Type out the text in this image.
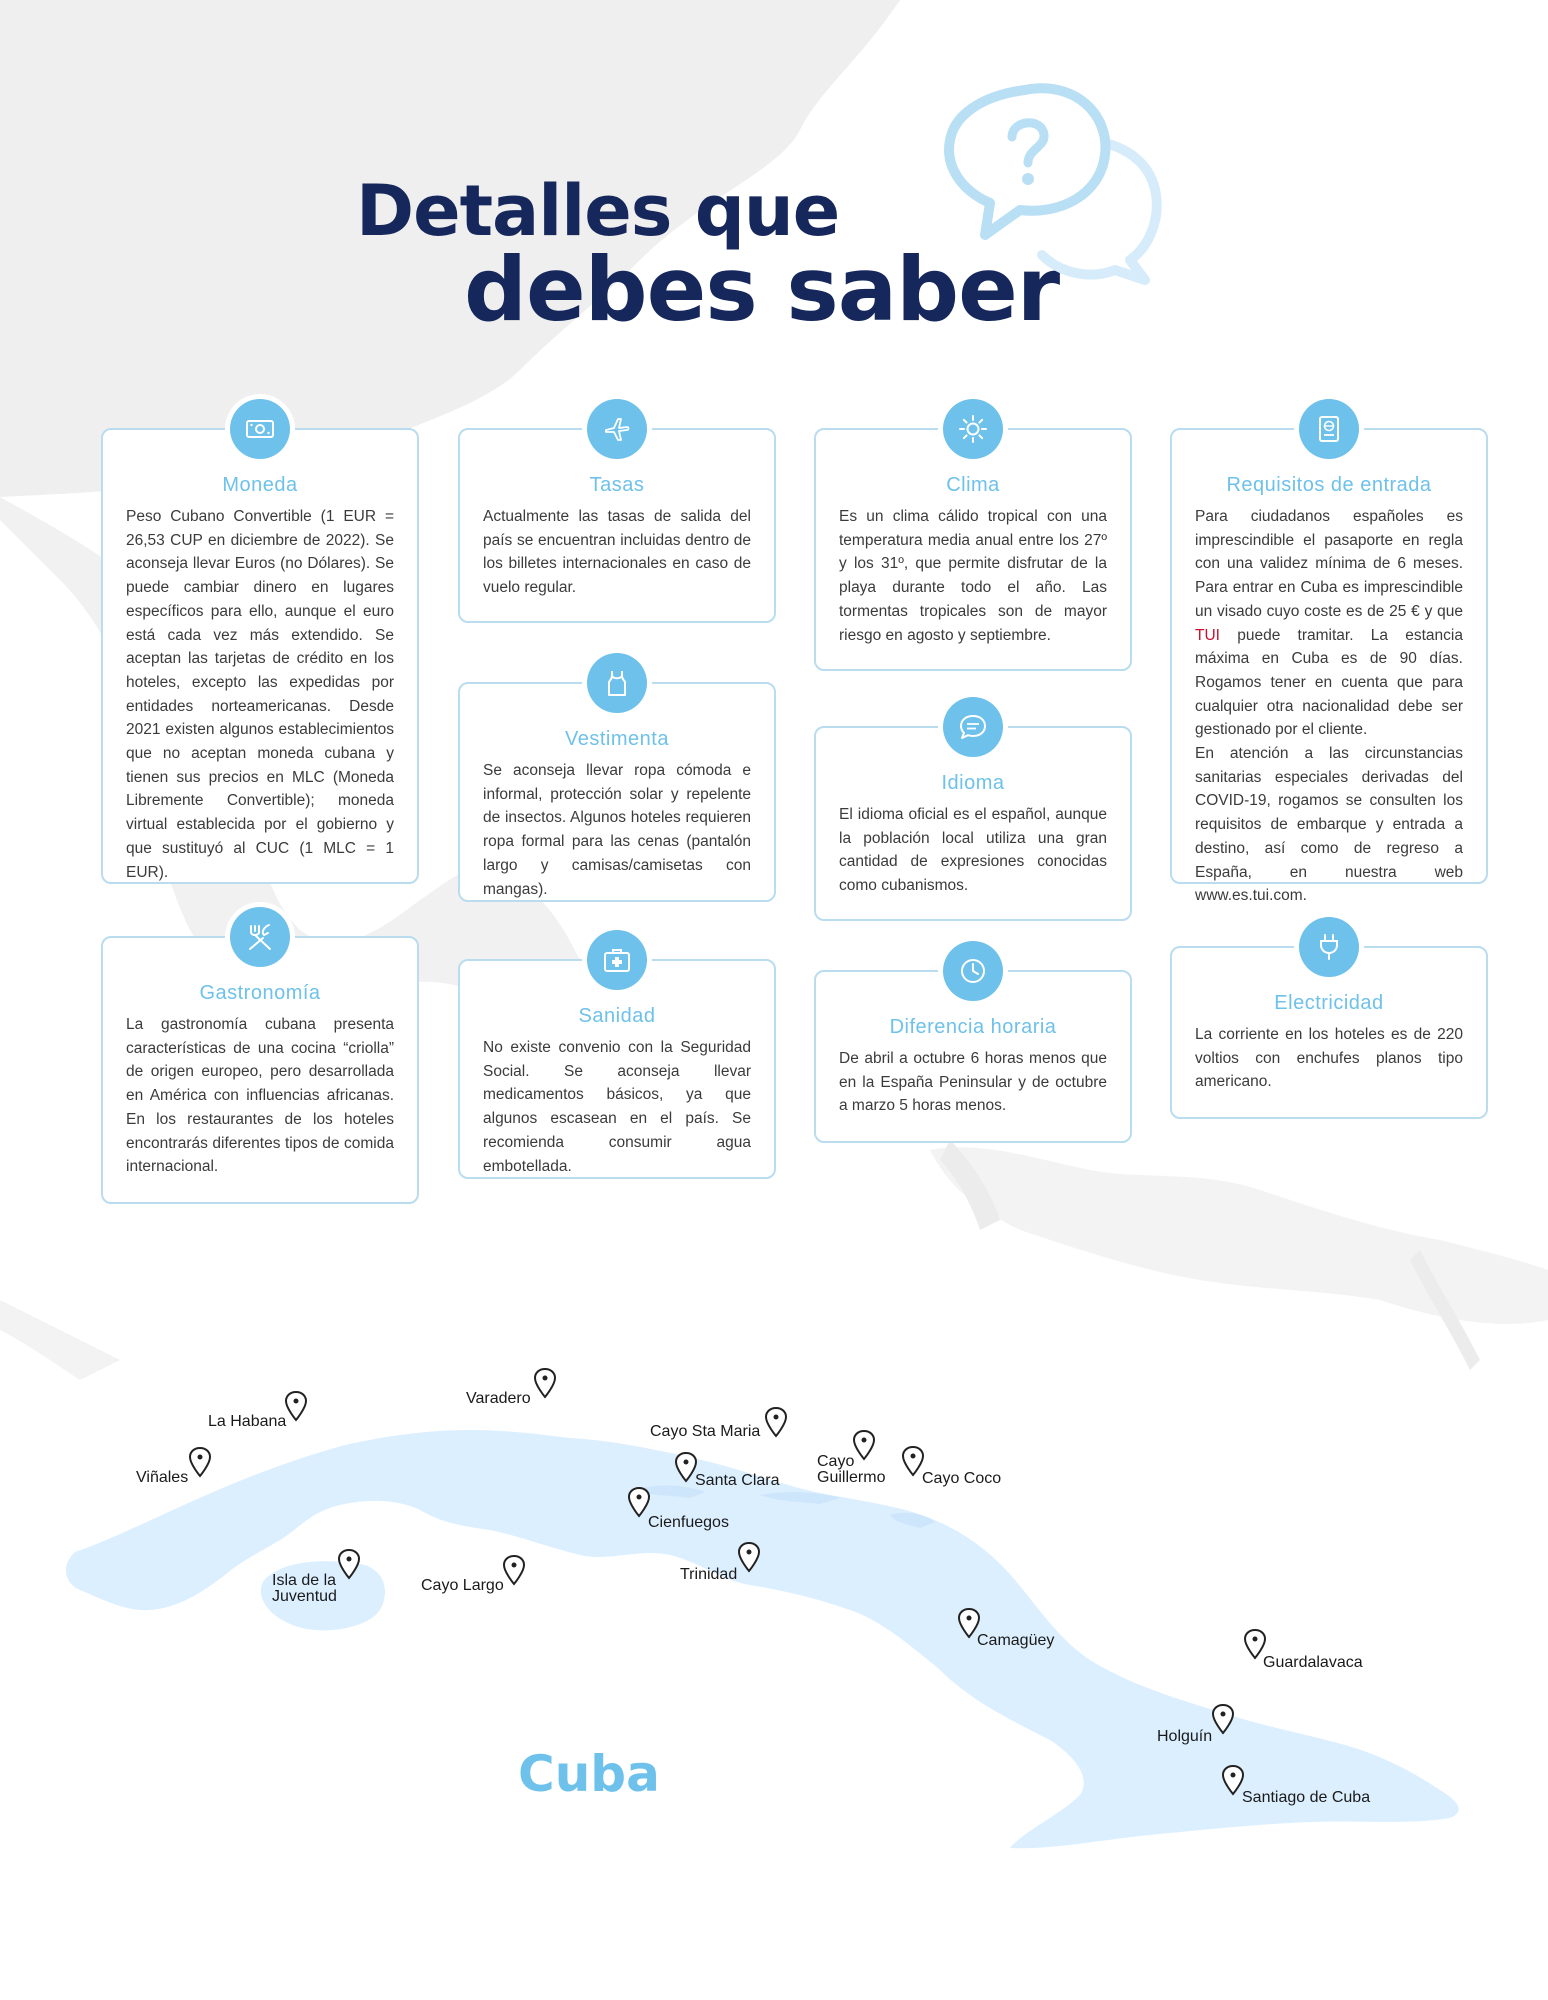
Detalles que
debes saber
Moneda

Peso Cubano Convertible (1 EUR = 26,53 CUP en diciembre de 2022). Se aconseja llevar Euros (no Dólares). Se puede cambiar dinero en lugares específicos para ello, aunque el euro está cada vez más extendido. Se aceptan las tarjetas de crédito en los hoteles, excepto las expedidas por entidades norteamericanas. Desde 2021 existen algunos establecimientos que no aceptan moneda cubana y tienen sus precios en MLC (Moneda Libremente Convertible); moneda virtual establecida por el gobierno y que sustituyó al CUC (1 MLC = 1 EUR).

Tasas

Actualmente las tasas de salida del país se encuentran incluidas dentro de los billetes internacionales en caso de vuelo regular.

Clima

Es un clima cálido tropical con una temperatura media anual entre los 27º y los 31º, que permite disfrutar de la playa durante todo el año. Las tormentas tropicales son de mayor riesgo en agosto y septiembre.

Requisitos de entrada

Para ciudadanos españoles es imprescindible el pasaporte en regla con una validez mínima de 6 meses. Para entrar en Cuba es imprescindible un visado cuyo coste es de 25 € y que TUI puede tramitar. La estancia máxima en Cuba es de 90 días. Rogamos tener en cuenta que para cualquier otra nacionalidad debe ser gestionado por el cliente.
En atención a las circunstancias sanitarias especiales derivadas del COVID-19, rogamos se consulten los requisitos de embarque y entrada a destino, así como de regreso a España, en nuestra web www.es.tui.com.

Vestimenta

Se aconseja llevar ropa cómoda e informal, protección solar y repelente de insectos. Algunos hoteles requieren ropa formal para las cenas (pantalón largo y camisas/camisetas con mangas).

Idioma

El idioma oficial es el español, aunque la población local utiliza una gran cantidad de expresiones conocidas como cubanismos.

Gastronomía

La gastronomía cubana presenta características de una cocina “criolla” de origen europeo, pero desarrollada en América con influencias africanas. En los restaurantes de los hoteles encontrarás diferentes tipos de comida internacional.

Sanidad

No existe convenio con la Seguridad Social. Se aconseja llevar medicamentos básicos, ya que algunos escasean en el país. Se recomienda consumir agua embotellada.

Diferencia horaria

De abril a octubre 6 horas menos que en la España Peninsular y de octubre a marzo 5 horas menos.

Electricidad

La corriente en los hoteles es de 220 voltios con enchufes planos tipo americano.

Varadero
La Habana
Viñales
Cayo Sta Maria
Cayo Guillermo	Cayo Coco
Santa Clara
Cienfuegos
Trinidad
Isla de la Juventud
Cayo Largo
Camagüey
Guardalavaca
Holguín
Santiago de Cuba
Cuba
